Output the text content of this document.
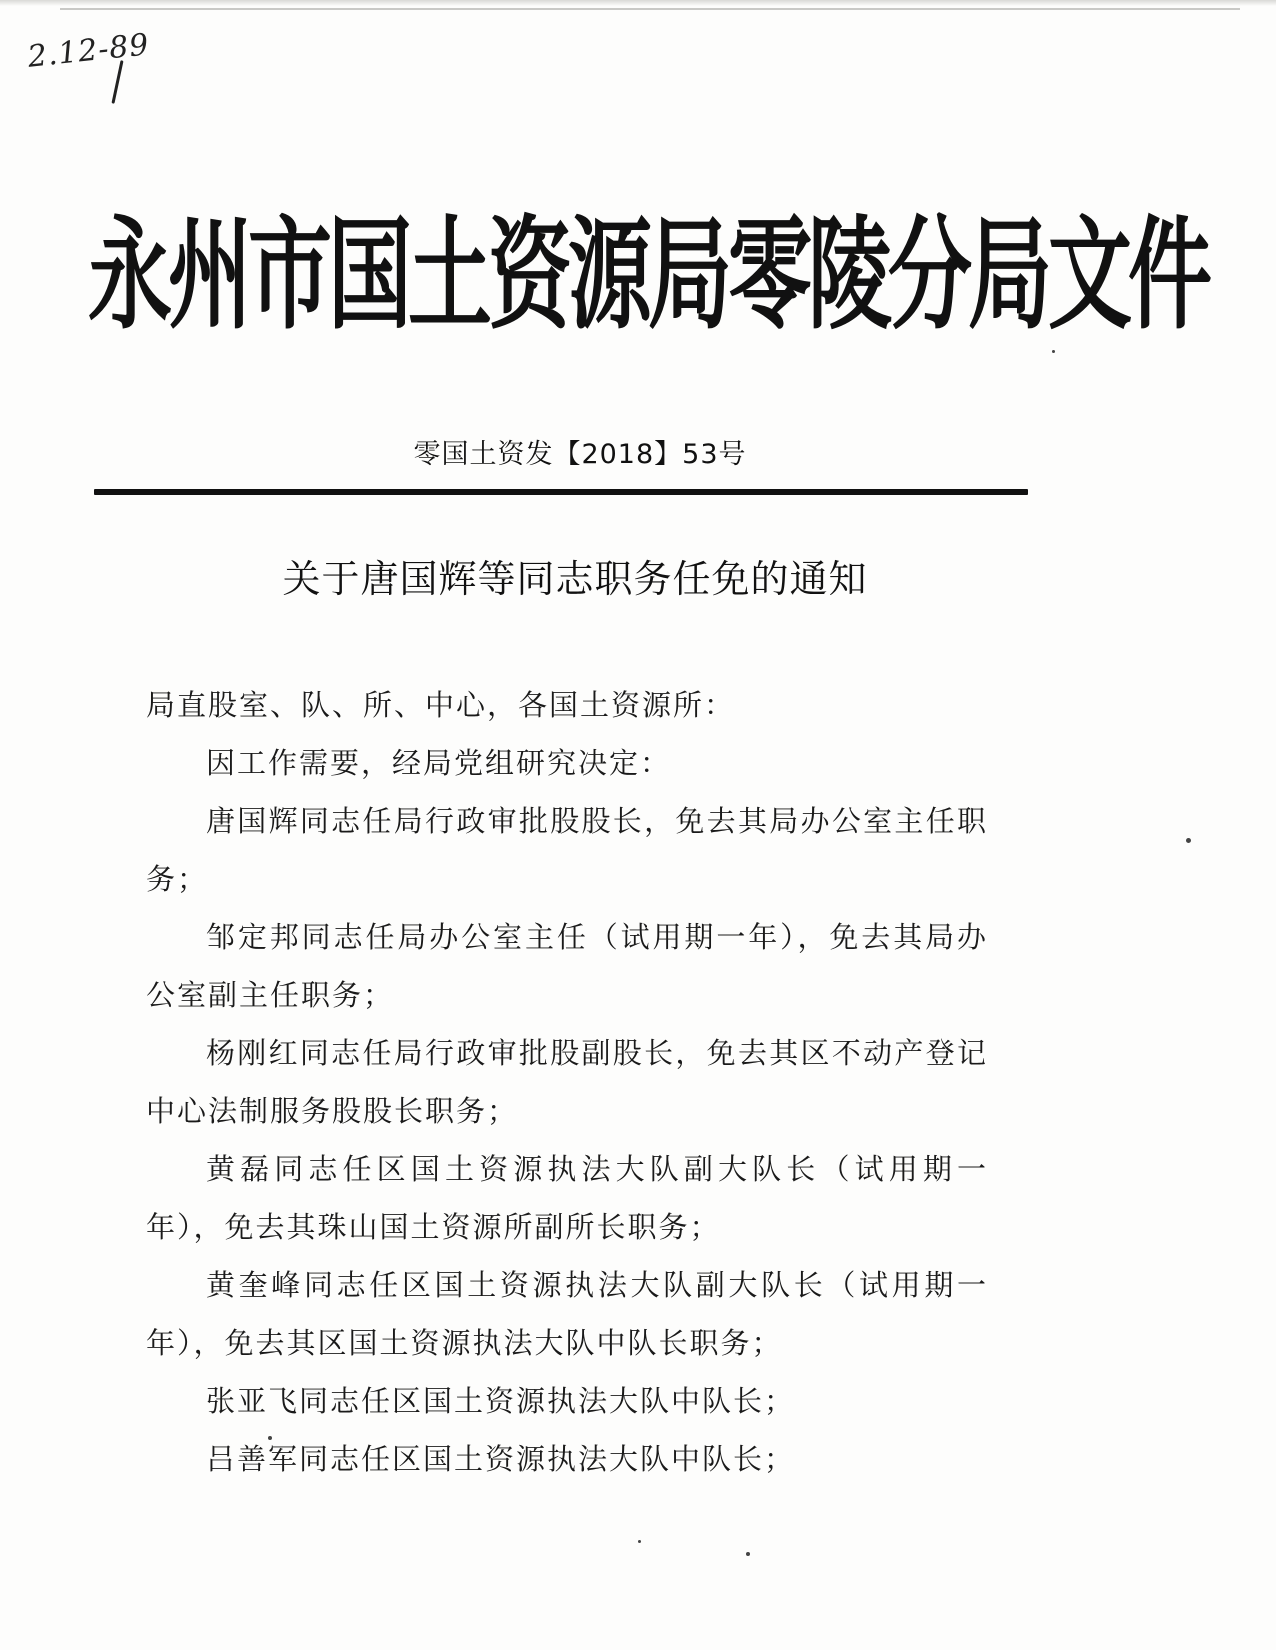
2.12-89
永州市国土资源局零陵分局文件
零国土资发【2018】53号
关于唐国辉等同志职务任免的通知

局直股室、队、所、中心，各国土资源所：

因工作需要，经局党组研究决定：

唐国辉同志任局行政审批股股长，免去其局办公室主任职务；

邹定邦同志任局办公室主任（试用期一年），免去其局办公室副主任职务；

杨刚红同志任局行政审批股副股长，免去其区不动产登记中心法制服务股股长职务；

黄磊同志任区国土资源执法大队副大队长（试用期一年），免去其珠山国土资源所副所长职务；

黄奎峰同志任区国土资源执法大队副大队长（试用期一年），免去其区国土资源执法大队中队长职务；

张亚飞同志任区国土资源执法大队中队长；

吕善军同志任区国土资源执法大队中队长；
